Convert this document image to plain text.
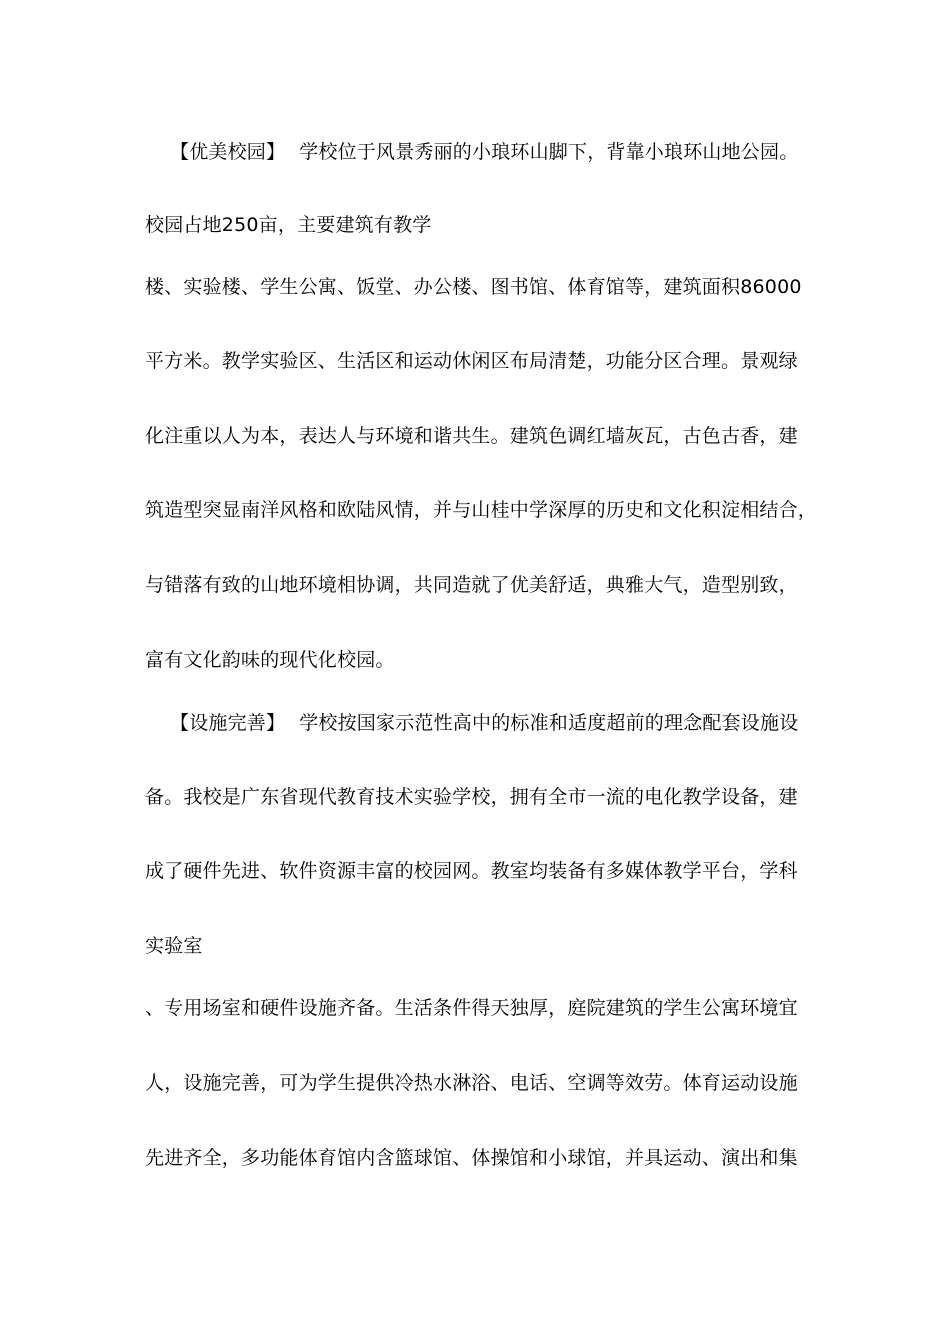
【优美校园】 学校位于风景秀丽的小琅环山脚下，背靠小琅环山地公园。
校园占地250亩，主要建筑有教学
楼、实验楼、学生公寓、饭堂、办公楼、图书馆、体育馆等，建筑面积86000
平方米。教学实验区、生活区和运动休闲区布局清楚，功能分区合理。景观绿
化注重以人为本，表达人与环境和谐共生。建筑色调红墙灰瓦，古色古香，建
筑造型突显南洋风格和欧陆风情，并与山桂中学深厚的历史和文化积淀相结合，
与错落有致的山地环境相协调，共同造就了优美舒适，典雅大气，造型别致，
富有文化韵味的现代化校园。
【设施完善】 学校按国家示范性高中的标准和适度超前的理念配套设施设
备。我校是广东省现代教育技术实验学校，拥有全市一流的电化教学设备，建
成了硬件先进、软件资源丰富的校园网。教室均装备有多媒体教学平台，学科
实验室
、专用场室和硬件设施齐备。生活条件得天独厚，庭院建筑的学生公寓环境宜
人，设施完善，可为学生提供冷热水淋浴、电话、空调等效劳。体育运动设施
先进齐全，多功能体育馆内含篮球馆、体操馆和小球馆，并具运动、演出和集
